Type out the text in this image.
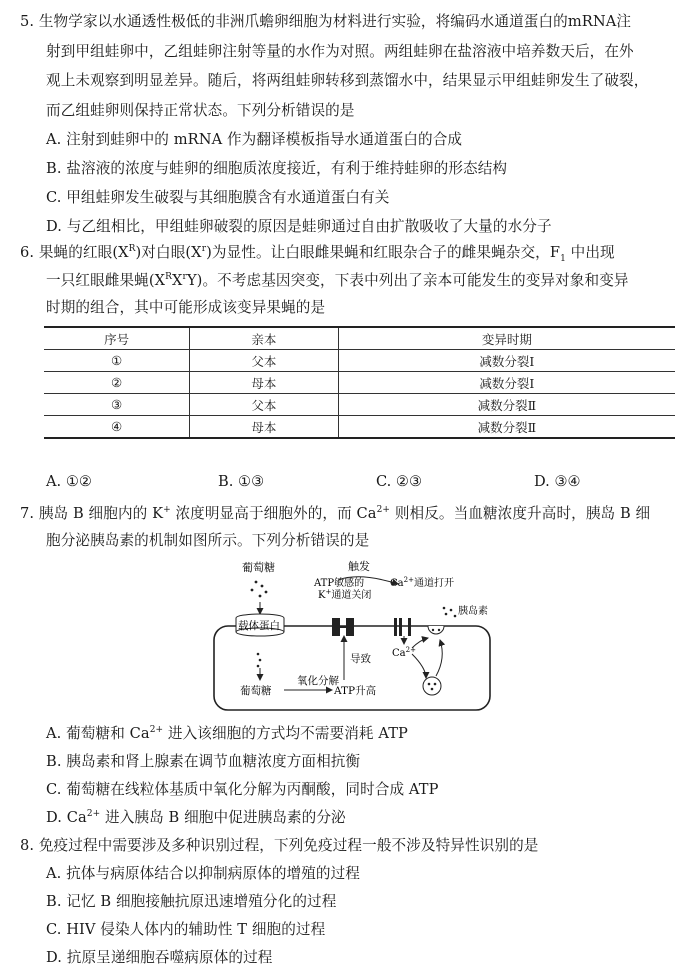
5. 生物学家以水通透性极低的非洲爪蟾卵细胞为材料进行实验，将编码水通道蛋白的mRNA注
射到甲组蛙卵中，乙组蛙卵注射等量的水作为对照。两组蛙卵在盐溶液中培养数天后，在外
观上未观察到明显差异。随后，将两组蛙卵转移到蒸馏水中，结果显示甲组蛙卵发生了破裂，
而乙组蛙卵则保持正常状态。下列分析错误的是
A. 注射到蛙卵中的 mRNA 作为翻译模板指导水通道蛋白的合成
B. 盐溶液的浓度与蛙卵的细胞质浓度接近，有利于维持蛙卵的形态结构
C. 甲组蛙卵发生破裂与其细胞膜含有水通道蛋白有关
D. 与乙组相比，甲组蛙卵破裂的原因是蛙卵通过自由扩散吸收了大量的水分子
6. 果蝇的红眼$(X^R)$对白眼$(X^r)$为显性。让白眼雌果蝇和红眼杂合子的雌果蝇杂交，$F_1$ 中出现
一只红眼雌果蝇$(X^RX^rY)$。不考虑基因突变，下表中列出了亲本可能发生的变异对象和变异
时期的组合，其中可能形成该变异果蝇的是
序号	亲本	变异时期
①	父本	减数分裂Ⅰ
②	母本	减数分裂Ⅰ
③	父本	减数分裂Ⅱ
④	母本	减数分裂Ⅱ
A. ①②	B. ①③	C. ②③	D. ③④
7. 胰岛 B 细胞内的 K+ 浓度明显高于细胞外的，而 $Ca^{2+}$ 则相反。当血糖浓度升高时，胰岛 B 细
胞分泌胰岛素的机制如图所示。下列分析错误的是
葡萄糖
载体蛋白
葡萄糖
氧化分解
ATP升高
导致
ATP敏感的
K+通道关闭
触发
$Ca^{2+}$通道打开
$Ca^{2+}$
胰岛素
A. 葡萄糖和 $Ca^{2+}$ 进入该细胞的方式均不需要消耗 ATP
B. 胰岛素和肾上腺素在调节血糖浓度方面相抗衡
C. 葡萄糖在线粒体基质中氧化分解为丙酮酸，同时合成 ATP
D. $Ca^{2+}$ 进入胰岛 B 细胞中促进胰岛素的分泌
8. 免疫过程中需要涉及多种识别过程，下列免疫过程一般不涉及特异性识别的是
A. 抗体与病原体结合以抑制病原体的增殖的过程
B. 记忆 B 细胞接触抗原迅速增殖分化的过程
C. HIV 侵染人体内的辅助性 T 细胞的过程
D. 抗原呈递细胞吞噬病原体的过程
